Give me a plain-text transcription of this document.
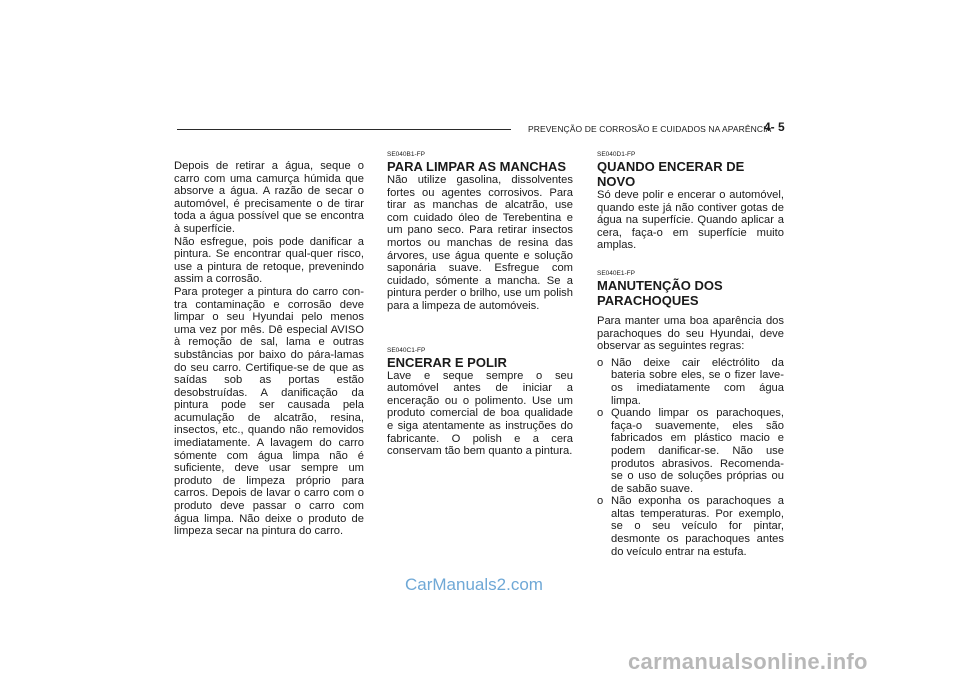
PREVENÇÃO DE CORROSÃO E CUIDADOS NA APARÊNCIA
4- 5

Depois de retirar a água, seque o carro com uma camurça húmida que absorve a água. A razão de secar o automóvel, é precisamente o de tirar toda a água possível que se encontra à superfície.

Não esfregue, pois pode danificar a pintura. Se encontrar qual-quer risco, use a pintura de retoque, prevenindo assim a corrosão.

Para proteger a pintura do carro con-tra contaminação e corrosão deve limpar o seu Hyundai pelo menos uma vez por mês. Dê especial AVISO à remoção de sal, lama e outras substâncias por baixo do pára-lamas do seu carro. Certifique-se de que as saídas sob as portas estão desobstruídas. A danificação da pintura pode ser causada pela acumulação de alcatrão, resina, insectos, etc., quando não removidos imediatamente. A lavagem do carro sómente com água limpa não é suficiente, deve usar sempre um produto de limpeza próprio para carros. Depois de lavar o carro com o produto deve passar o carro com água limpa. Não deixe o produto de limpeza secar na pintura do carro.

SE040B1-FP

PARA LIMPAR AS MANCHAS

Não utilize gasolina, dissolventes fortes ou agentes corrosivos. Para tirar as manchas de alcatrão, use com cuidado óleo de Terebentina e um pano seco. Para retirar insectos mortos ou manchas de resina das árvores, use água quente e solução saponária suave. Esfregue com cuidado, sómente a mancha. Se a pintura perder o brilho, use um polish para a limpeza de automóveis.

SE040C1-FP

ENCERAR E POLIR

Lave e seque sempre o seu automóvel antes de iniciar a enceração ou o polimento. Use um produto comercial de boa qualidade e siga atentamente as instruções do fabricante. O polish e a cera conservam tão bem quanto a pintura.

SE040D1-FP

QUANDO ENCERAR DE NOVO

Só deve polir e encerar o automóvel, quando este já não contiver gotas de água na superfície. Quando aplicar a cera, faça-o em superfície muito amplas.

SE040E1-FP

MANUTENÇÃO DOS
PARACHOQUES

Para manter uma boa aparência dos parachoques do seu Hyundai, deve observar as seguintes regras:

o Não deixe cair eléctrólito da bateria sobre eles, se o fizer lave-os imediatamente com água limpa.
o Quando limpar os parachoques, faça-o suavemente, eles são fabricados em plástico macio e podem danificar-se. Não use produtos abrasivos. Recomenda-se o uso de soluções próprias ou de sabão suave.
o Não exponha os parachoques a altas temperaturas. Por exemplo, se o seu veículo for pintar, desmonte os parachoques antes do veículo entrar na estufa.
CarManuals2.com
carmanualsonline.info
